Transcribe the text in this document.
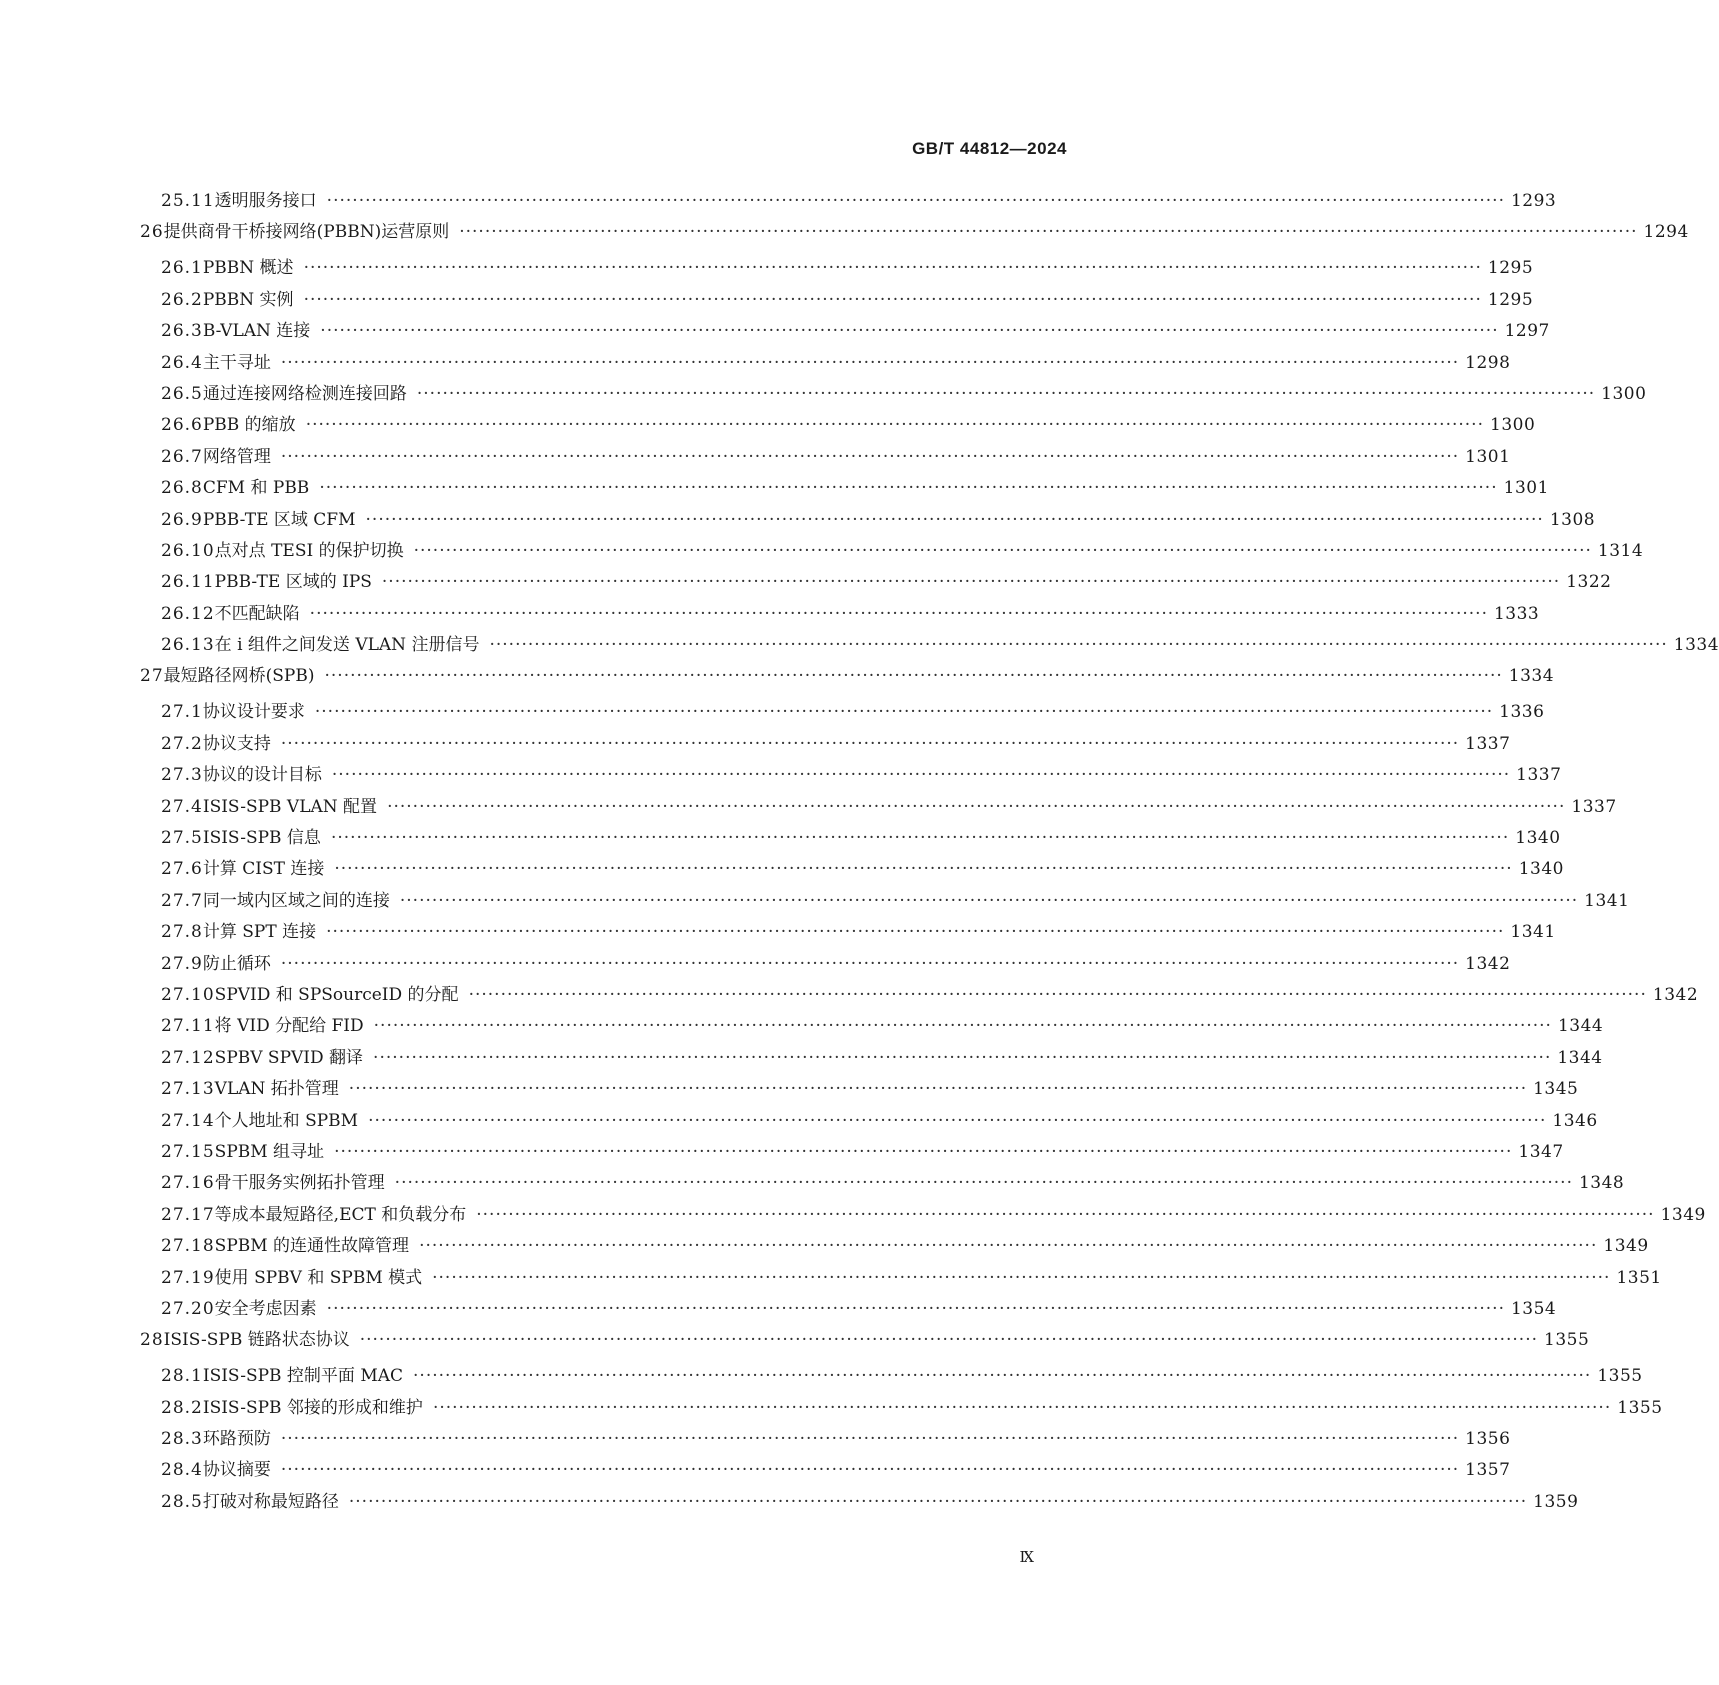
GB/T 44812—2024
25.11 透明服务接口 ·····	1293
26 提供商骨干桥接网络(PBBN)运营原则 ·····	1294
26.1 PBBN 概述 ·····	1295
26.2 PBBN 实例 ·····	1295
26.3 B-VLAN 连接 ·····	1297
26.4 主干寻址 ·····	1298
26.5 通过连接网络检测连接回路 ·····	1300
26.6 PBB 的缩放 ·····	1300
26.7 网络管理 ·····	1301
26.8 CFM 和 PBB ·····	1301
26.9 PBB-TE 区域 CFM ·····	1308
26.10 点对点 TESI 的保护切换 ·····	1314
26.11 PBB-TE 区域的 IPS ·····	1322
26.12 不匹配缺陷 ·····	1333
26.13 在 i 组件之间发送 VLAN 注册信号 ·····	1334
27 最短路径网桥(SPB) ·····	1334
27.1 协议设计要求 ·····	1336
27.2 协议支持 ·····	1337
27.3 协议的设计目标 ·····	1337
27.4 ISIS-SPB VLAN 配置 ·····	1337
27.5 ISIS-SPB 信息 ·····	1340
27.6 计算 CIST 连接 ·····	1340
27.7 同一域内区域之间的连接 ·····	1341
27.8 计算 SPT 连接 ·····	1341
27.9 防止循环 ·····	1342
27.10 SPVID 和 SPSourceID 的分配 ·····	1342
27.11 将 VID 分配给 FID ·····	1344
27.12 SPBV SPVID 翻译 ·····	1344
27.13 VLAN 拓扑管理 ·····	1345
27.14 个人地址和 SPBM ·····	1346
27.15 SPBM 组寻址 ·····	1347
27.16 骨干服务实例拓扑管理 ·····	1348
27.17 等成本最短路径,ECT 和负载分布 ·····	1349
27.18 SPBM 的连通性故障管理 ·····	1349
27.19 使用 SPBV 和 SPBM 模式 ·····	1351
27.20 安全考虑因素 ·····	1354
28 ISIS-SPB 链路状态协议 ·····	1355
28.1 ISIS-SPB 控制平面 MAC ·····	1355
28.2 ISIS-SPB 邻接的形成和维护 ·····	1355
28.3 环路预防 ·····	1356
28.4 协议摘要 ·····	1357
28.5 打破对称最短路径 ·····	1359
Ⅸ
